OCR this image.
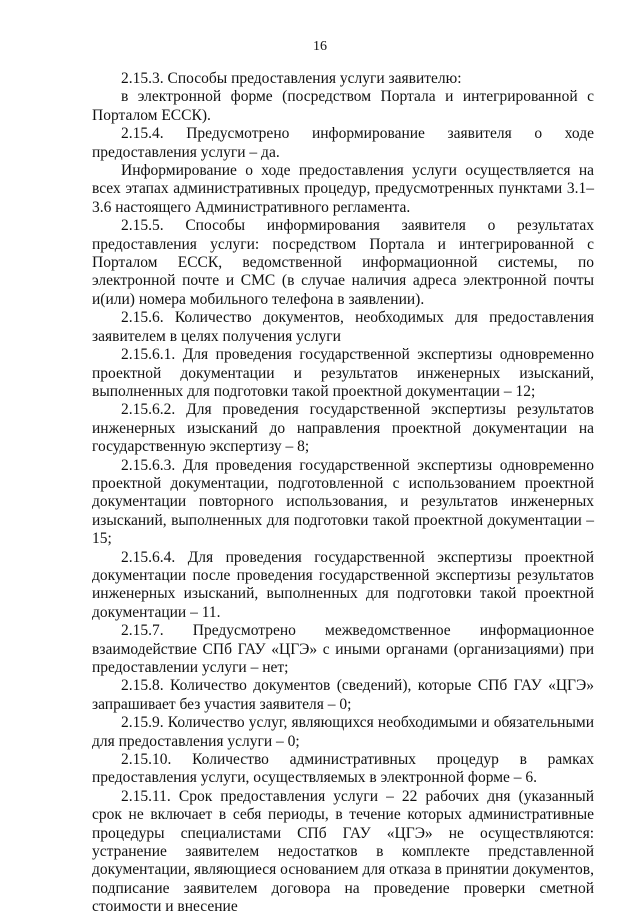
16

2.15.3. Способы предоставления услуги заявителю:

в электронной форме (посредством Портала и интегрированной с Порталом ЕССК).

2.15.4. Предусмотрено информирование заявителя о ходе предоставления услуги – да.

Информирование о ходе предоставления услуги осуществляется на всех этапах административных процедур, предусмотренных пунктами 3.1–3.6 настоящего Административного регламента.

2.15.5. Способы информирования заявителя о результатах предоставления услуги: посредством Портала и интегрированной с Порталом ЕССК, ведомственной информационной системы, по электронной почте и СМС (в случае наличия адреса электронной почты и(или) номера мобильного телефона в заявлении).

2.15.6. Количество документов, необходимых для предоставления заявителем в целях получения услуги

2.15.6.1. Для проведения государственной экспертизы одновременно проектной документации и результатов инженерных изысканий, выполненных для подготовки такой проектной документации – 12;

2.15.6.2. Для проведения государственной экспертизы результатов инженерных изысканий до направления проектной документации на государственную экспертизу – 8;

2.15.6.3. Для проведения государственной экспертизы одновременно проектной документации, подготовленной с использованием проектной документации повторного использования, и результатов инженерных изысканий, выполненных для подготовки такой проектной документации – 15;

2.15.6.4. Для проведения государственной экспертизы проектной документации после проведения государственной экспертизы результатов инженерных изысканий, выполненных для подготовки такой проектной документации – 11.

2.15.7. Предусмотрено межведомственное информационное взаимодействие СПб ГАУ «ЦГЭ» с иными органами (организациями) при предоставлении услуги – нет;

2.15.8. Количество документов (сведений), которые СПб ГАУ «ЦГЭ» запрашивает без участия заявителя – 0;

2.15.9. Количество услуг, являющихся необходимыми и обязательными для предоставления услуги – 0;

2.15.10. Количество административных процедур в рамках предоставления услуги, осуществляемых в электронной форме – 6.

2.15.11. Срок предоставления услуги – 22 рабочих дня (указанный срок не включает в себя периоды, в течение которых административные процедуры специалистами СПб ГАУ «ЦГЭ» не осуществляются: устранение заявителем недостатков в комплекте представленной документации, являющиеся основанием для отказа в принятии документов, подписание заявителем договора на проведение проверки сметной стоимости и внесение
